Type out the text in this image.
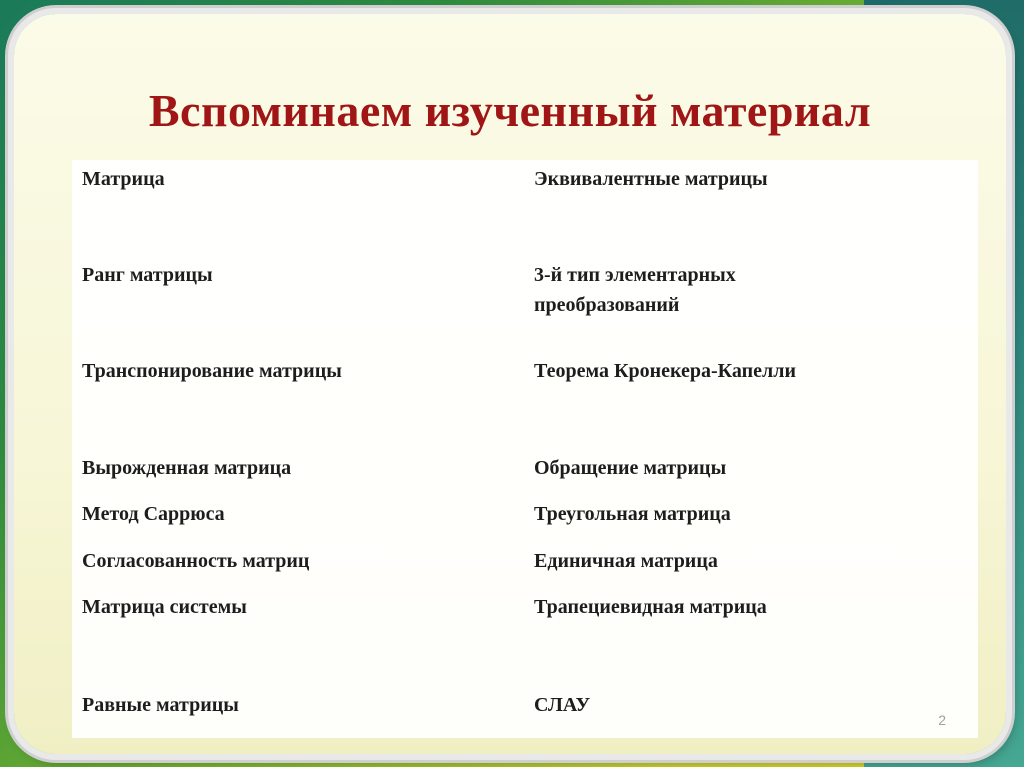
Вспоминаем изученный материал
Матрица
Ранг матрицы
Транспонирование матрицы
Вырожденная матрица
Метод Саррюса
Согласованность матриц
Матрица системы
Равные матрицы
Эквивалентные матрицы
3-й тип элементарных преобразований
Теорема Кронекера-Капелли
Обращение матрицы
Треугольная матрица
Единичная матрица
Трапециевидная матрица
СЛАУ
2
